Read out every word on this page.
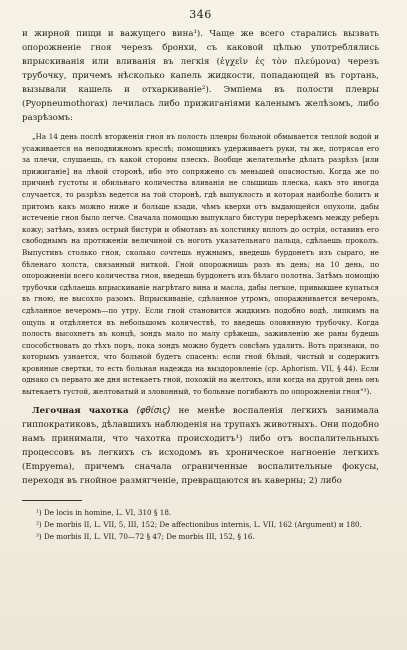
346

и жирной пищи и важущего вина¹). Чаще же всего старались вызвать опорожненіе гноя черезъ бронхи, съ каковой цѣлью употреблялись впрыскиванія или вливанія въ легкія (ἐγχεῖν ἐς τὸν πλεύμονα) черезъ трубочку, причемъ нѣсколько капель жидкости, попадающей въ гортань, вызывали кашель и отхаркиваніе²). Эмпіема въ полости плевры (Pyopneumothorax) лечилась либо прижиганіями каленымъ желѣзомъ, либо разрѣзомъ:

„На 14 день послѣ вторженія гноя въ полость плевры больной обмывается теплой водой и усаживается на неподвижномъ креслѣ; помощникъ удерживаетъ руки, ты же, потрясая его за плечи, слушаешь, съ какой стороны плескъ. Вообще желательнѣе дѣлать разрѣзъ [или прижиганіе] на лѣвой сторонѣ, ибо это сопряжено съ меньшей опасностью. Когда же по причинѣ густоты и обильнаго количества вливанія не слышишь плеска, какъ это иногда случается, то разрѣзъ ведется на той сторонѣ, гдѣ выпуклость и которая наиболѣе болитъ и притомъ какъ можно ниже и больше кзади, чѣмъ кверхи отъ выдающейся опухоли, дабы истеченіе гноя было легче. Сначала помощью выпуклаго бистури перерѣжемъ между реберъ кожу; затѣмъ, взявъ острый бистури и обмотавъ въ холстинку вплоть до острія, оставивъ его свободнымъ на протяженіи величиной съ ноготь указательнаго пальца, сдѣлаешь проколъ. Выпустивъ столько гноя, сколько сочтешь нужнымъ, введешь бурдонетъ изъ сыраго, не бѣленаго холста, связанный ниткой. Гной опорожнишь разъ въ день; на 10 день, по опорожненіи всего количества гноя, введешь бурдонетъ изъ бѣлаго полотна. Затѣмъ помощію трубочки сдѣлаешь впрыскиваніе нагрѣтаго вина и масла, дабы легкое, привыкшее купаться въ гною, не высохло разомъ. Впрыскиваніе, сдѣланное утромъ, опоражнивается вечеромъ, сдѣланное вечеромъ—по утру. Если гной становится жидкимъ подобно водѣ, липкимъ на ощупь и отдѣляется въ небольшомъ количествѣ, то введешь оловянную трубочку. Когда полость высохнетъ въ концѣ, зондъ мало по малу срѣжешь, заживленію же раны будешь способствовать до тѣхъ поръ, пока зондъ можно будетъ совсѣмъ удалить. Вотъ признаки, по которымъ узнается, что больной будетъ спасенъ: если гной бѣлый, чистый и содержитъ кровяные свертки, то есть больная надежда на выздоровленіе (ср. Aphorism. VII, § 44). Если однако съ первато же дня истекаетъ гной, похожій на желтокъ, или когда на другой день онъ вытекаетъ густой, желтоватый и зловонный, то больные погибаютъ по опорожненіи гноя“³).

Легочная чахотка (φθίσις) не менѣе воспаленія легкихъ занимала гиппократиковъ, дѣлавшихъ наблюденія на трупахъ животныхъ. Они подобно намъ принимали, что чахотка происходитъ¹) либо отъ воспалительныхъ процессовъ въ легкихъ съ исходомъ въ хроническое нагноеніе легкихъ (Empyema), причемъ сначала ограниченные воспалительные фокусы, переходя въ гнойное размягченіе, превращаются въ каверны; 2) либо

¹) De locis in homine, L. VI, 310 § 18.
²) De morbis II, L. VII, 5, III, 152; De affectionibus internis, L. VII, 162 (Argument) и 180.
³) De morbis II, L. VII, 70—72 § 47; De morbis III, 152, § 16.
